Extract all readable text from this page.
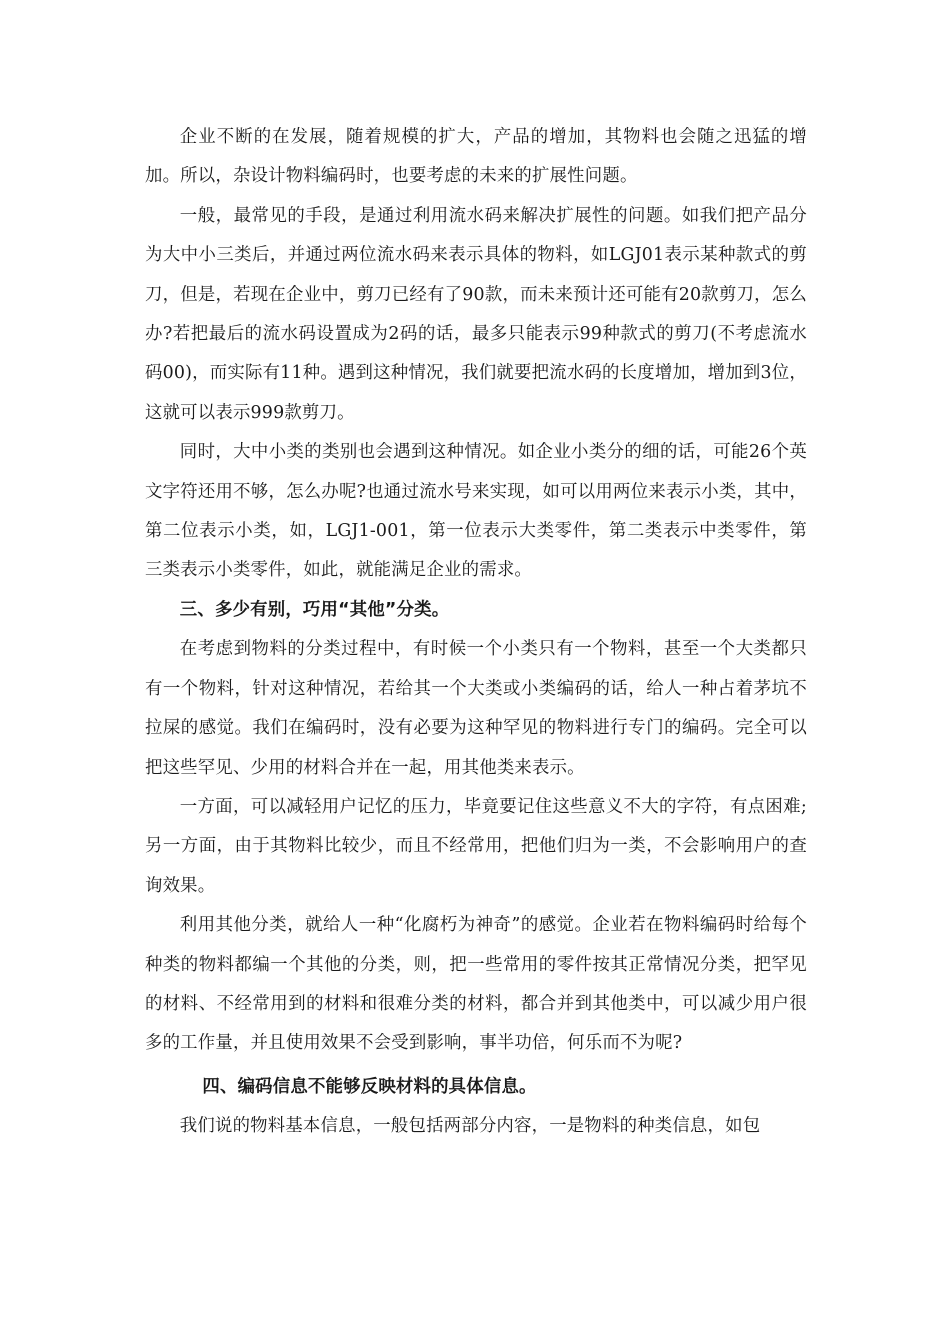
企业不断的在发展，随着规模的扩大，产品的增加，其物料也会随之迅猛的增加。所以，杂设计物料编码时，也要考虑的未来的扩展性问题。

一般，最常见的手段，是通过利用流水码来解决扩展性的问题。如我们把产品分为大中小三类后，并通过两位流水码来表示具体的物料，如LGJ01表示某种款式的剪刀，但是，若现在企业中，剪刀已经有了90款，而未来预计还可能有20款剪刀，怎么办?若把最后的流水码设置成为2码的话，最多只能表示99种款式的剪刀(不考虑流水码00)，而实际有11种。遇到这种情况，我们就要把流水码的长度增加，增加到3位，这就可以表示999款剪刀。

同时，大中小类的类别也会遇到这种情况。如企业小类分的细的话，可能26个英文字符还用不够，怎么办呢?也通过流水号来实现，如可以用两位来表示小类，其中，第二位表示小类，如，LGJ1-001，第一位表示大类零件，第二类表示中类零件，第三类表示小类零件，如此，就能满足企业的需求。

三、多少有别，巧用“其他”分类。

在考虑到物料的分类过程中，有时候一个小类只有一个物料，甚至一个大类都只有一个物料，针对这种情况，若给其一个大类或小类编码的话，给人一种占着茅坑不拉屎的感觉。我们在编码时，没有必要为这种罕见的物料进行专门的编码。完全可以把这些罕见、少用的材料合并在一起，用其他类来表示。

一方面，可以减轻用户记忆的压力，毕竟要记住这些意义不大的字符，有点困难;另一方面，由于其物料比较少，而且不经常用，把他们归为一类，不会影响用户的查询效果。

利用其他分类，就给人一种“化腐朽为神奇”的感觉。企业若在物料编码时给每个种类的物料都编一个其他的分类，则，把一些常用的零件按其正常情况分类，把罕见的材料、不经常用到的材料和很难分类的材料，都合并到其他类中，可以减少用户很多的工作量，并且使用效果不会受到影响，事半功倍，何乐而不为呢?

四、编码信息不能够反映材料的具体信息。

我们说的物料基本信息，一般包括两部分内容，一是物料的种类信息，如包
